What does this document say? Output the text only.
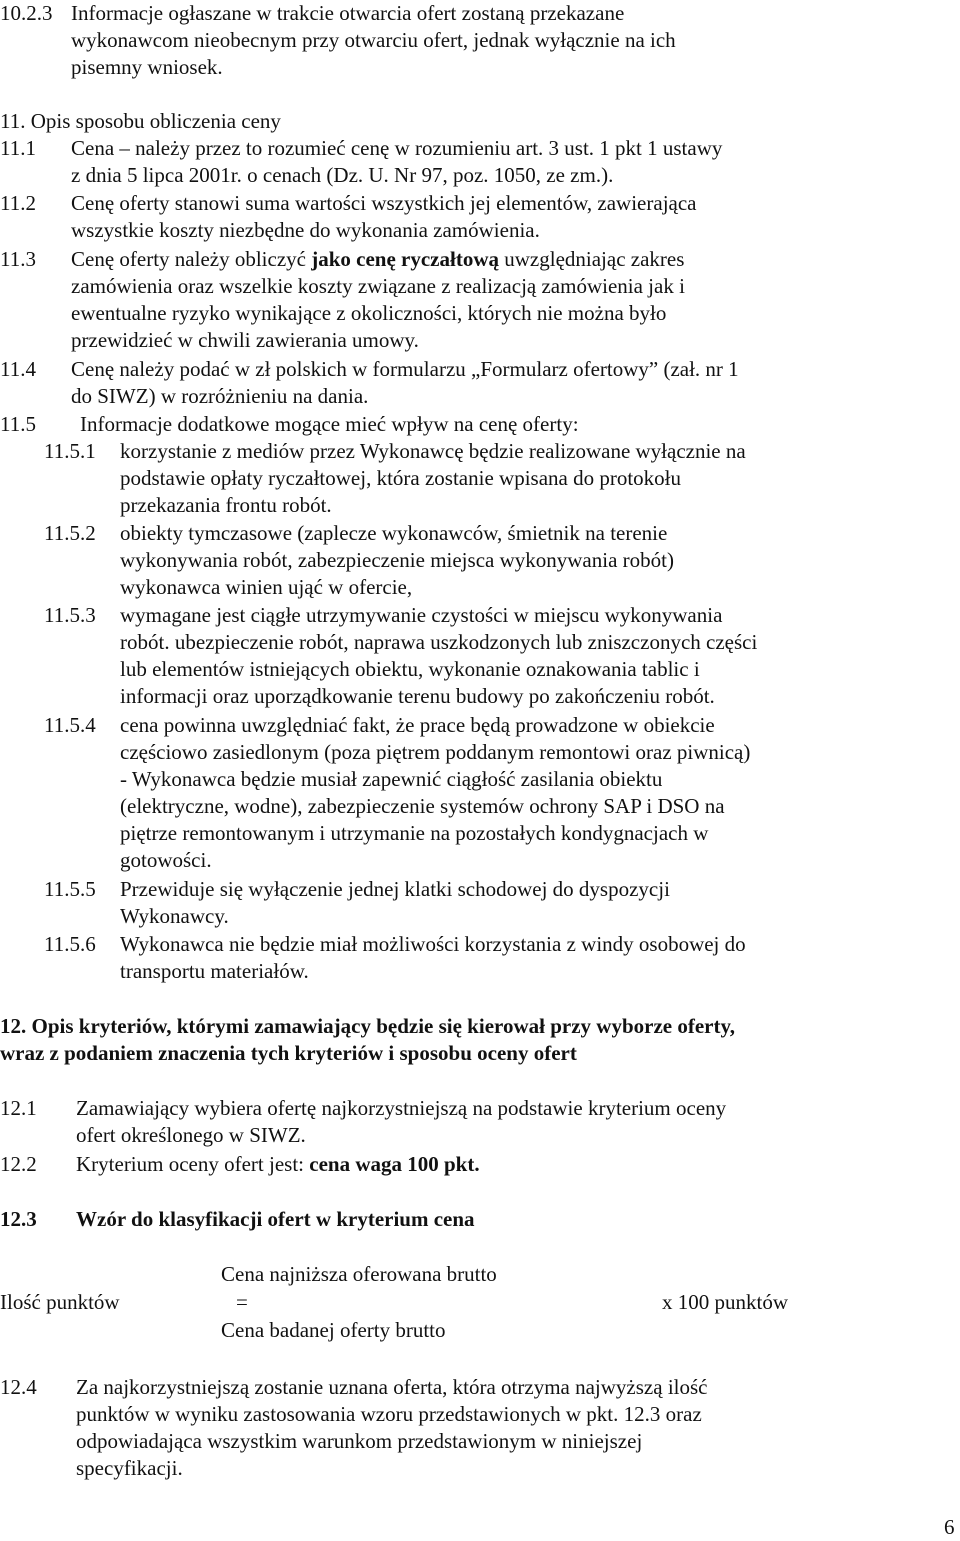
10.2.3 Informacje ogłaszane w trakcie otwarcia ofert zostaną przekazane
wykonawcom nieobecnym przy otwarciu ofert, jednak wyłącznie na ich
pisemny wniosek.
11. Opis sposobu obliczenia ceny
11.1 Cena – należy przez to rozumieć cenę w rozumieniu art. 3 ust. 1 pkt 1 ustawy
z dnia 5 lipca 2001r. o cenach (Dz. U. Nr 97, poz. 1050, ze zm.).
11.2 Cenę oferty stanowi suma wartości wszystkich jej elementów, zawierająca
wszystkie koszty niezbędne do wykonania zamówienia.
11.3 Cenę oferty należy obliczyć jako cenę ryczałtową uwzględniając zakres
zamówienia oraz wszelkie koszty związane z realizacją zamówienia jak i
ewentualne ryzyko wynikające z okoliczności, których nie można było
przewidzieć w chwili zawierania umowy.
11.4 Cenę należy podać w zł polskich w formularzu „Formularz ofertowy” (zał. nr 1
do SIWZ) w rozróżnieniu na dania.
11.5 Informacje dodatkowe mogące mieć wpływ na cenę oferty:
11.5.1 korzystanie z mediów przez Wykonawcę będzie realizowane wyłącznie na
podstawie opłaty ryczałtowej, która zostanie wpisana do protokołu
przekazania frontu robót.
11.5.2 obiekty tymczasowe (zaplecze wykonawców, śmietnik na terenie
wykonywania robót, zabezpieczenie miejsca wykonywania robót)
wykonawca winien ująć w ofercie,
11.5.3 wymagane jest ciągłe utrzymywanie czystości w miejscu wykonywania
robót. ubezpieczenie robót, naprawa uszkodzonych lub zniszczonych części
lub elementów istniejących obiektu, wykonanie oznakowania tablic i
informacji oraz uporządkowanie terenu budowy po zakończeniu robót.
11.5.4 cena powinna uwzględniać fakt, że prace będą prowadzone w obiekcie
częściowo zasiedlonym (poza piętrem poddanym remontowi oraz piwnicą)
- Wykonawca będzie musiał zapewnić ciągłość zasilania obiektu
(elektryczne, wodne), zabezpieczenie systemów ochrony SAP i DSO na
piętrze remontowanym i utrzymanie na pozostałych kondygnacjach w
gotowości.
11.5.5 Przewiduje się wyłączenie jednej klatki schodowej do dyspozycji
Wykonawcy.
11.5.6 Wykonawca nie będzie miał możliwości korzystania z windy osobowej do
transportu materiałów.
12. Opis kryteriów, którymi zamawiający będzie się kierował przy wyborze oferty,
wraz z podaniem znaczenia tych kryteriów i sposobu oceny ofert
12.1 Zamawiający wybiera ofertę najkorzystniejszą na podstawie kryterium oceny
ofert określonego w SIWZ.
12.2 Kryterium oceny ofert jest: cena waga 100 pkt.
12.3 Wzór do klasyfikacji ofert w kryterium cena
Cena najniższa oferowana brutto
Ilość punktów	=	x 100 punktów
Cena badanej oferty brutto
12.4 Za najkorzystniejszą zostanie uznana oferta, która otrzyma najwyższą ilość
punktów w wyniku zastosowania wzoru przedstawionych w pkt. 12.3 oraz
odpowiadająca wszystkim warunkom przedstawionym w niniejszej
specyfikacji.
6
